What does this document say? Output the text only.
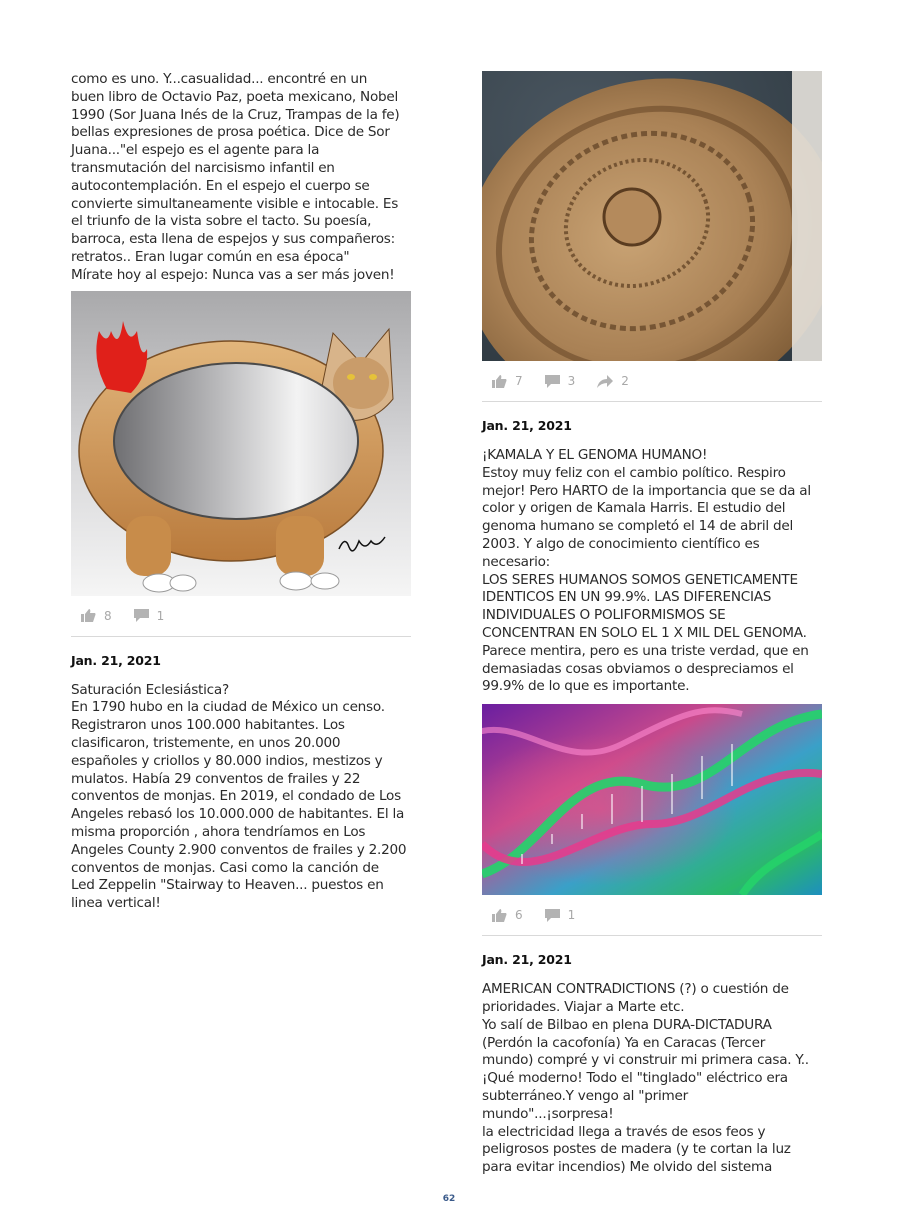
como es uno. Y...casualidad... encontré en un
buen libro de Octavio Paz, poeta mexicano, Nobel
1990 (Sor Juana Inés de la Cruz, Trampas de la fe)
bellas expresiones de prosa poética. Dice de Sor
Juana..."el espejo es el agente para la
transmutación del narcisismo infantil en
autocontemplación. En el espejo el cuerpo se
convierte simultaneamente visible e intocable. Es
el triunfo de la vista sobre el tacto. Su poesía,
barroca, esta llena de espejos y sus compañeros:
retratos.. Eran lugar común en esa época"
Mírate hoy al espejo: Nunca vas a ser más joven!
8	1

Jan. 21, 2021

Saturación Eclesiástica?
En 1790 hubo en la ciudad de México un censo.
Registraron unos 100.000 habitantes. Los
clasificaron, tristemente, en unos 20.000
españoles y criollos y 80.000 indios, mestizos y
mulatos. Había 29 conventos de frailes y 22
conventos de monjas. En 2019, el condado de Los
Angeles rebasó los 10.000.000 de habitantes. El la
misma proporción , ahora tendríamos en Los
Angeles County 2.900 conventos de frailes y 2.200
conventos de monjas. Casi como la canción de
Led Zeppelin "Stairway to Heaven... puestos en
linea vertical!
7	3	2

Jan. 21, 2021

¡KAMALA Y EL GENOMA HUMANO!
Estoy muy feliz con el cambio político. Respiro
mejor! Pero HARTO de la importancia que se da al
color y origen de Kamala Harris. El estudio del
genoma humano se completó el 14 de abril del
2003. Y algo de conocimiento científico es
necesario:
LOS SERES HUMANOS SOMOS GENETICAMENTE
IDENTICOS EN UN 99.9%. LAS DIFERENCIAS
INDIVIDUALES O POLIFORMISMOS SE
CONCENTRAN EN SOLO EL 1 X MIL DEL GENOMA.
Parece mentira, pero es una triste verdad, que en
demasiadas cosas obviamos o despreciamos el
99.9% de lo que es importante.
6	1

Jan. 21, 2021

AMERICAN CONTRADICTIONS (?) o cuestión de
prioridades. Viajar a Marte etc.
Yo salí de Bilbao en plena DURA-DICTADURA
(Perdón la cacofonía) Ya en Caracas (Tercer
mundo) compré y vi construir mi primera casa. Y..
¡Qué moderno! Todo el "tinglado" eléctrico era
subterráneo.Y vengo al "primer
mundo"...¡sorpresa!
la electricidad llega a través de esos feos y
peligrosos postes de madera (y te cortan la luz
para evitar incendios) Me olvido del sistema
62
